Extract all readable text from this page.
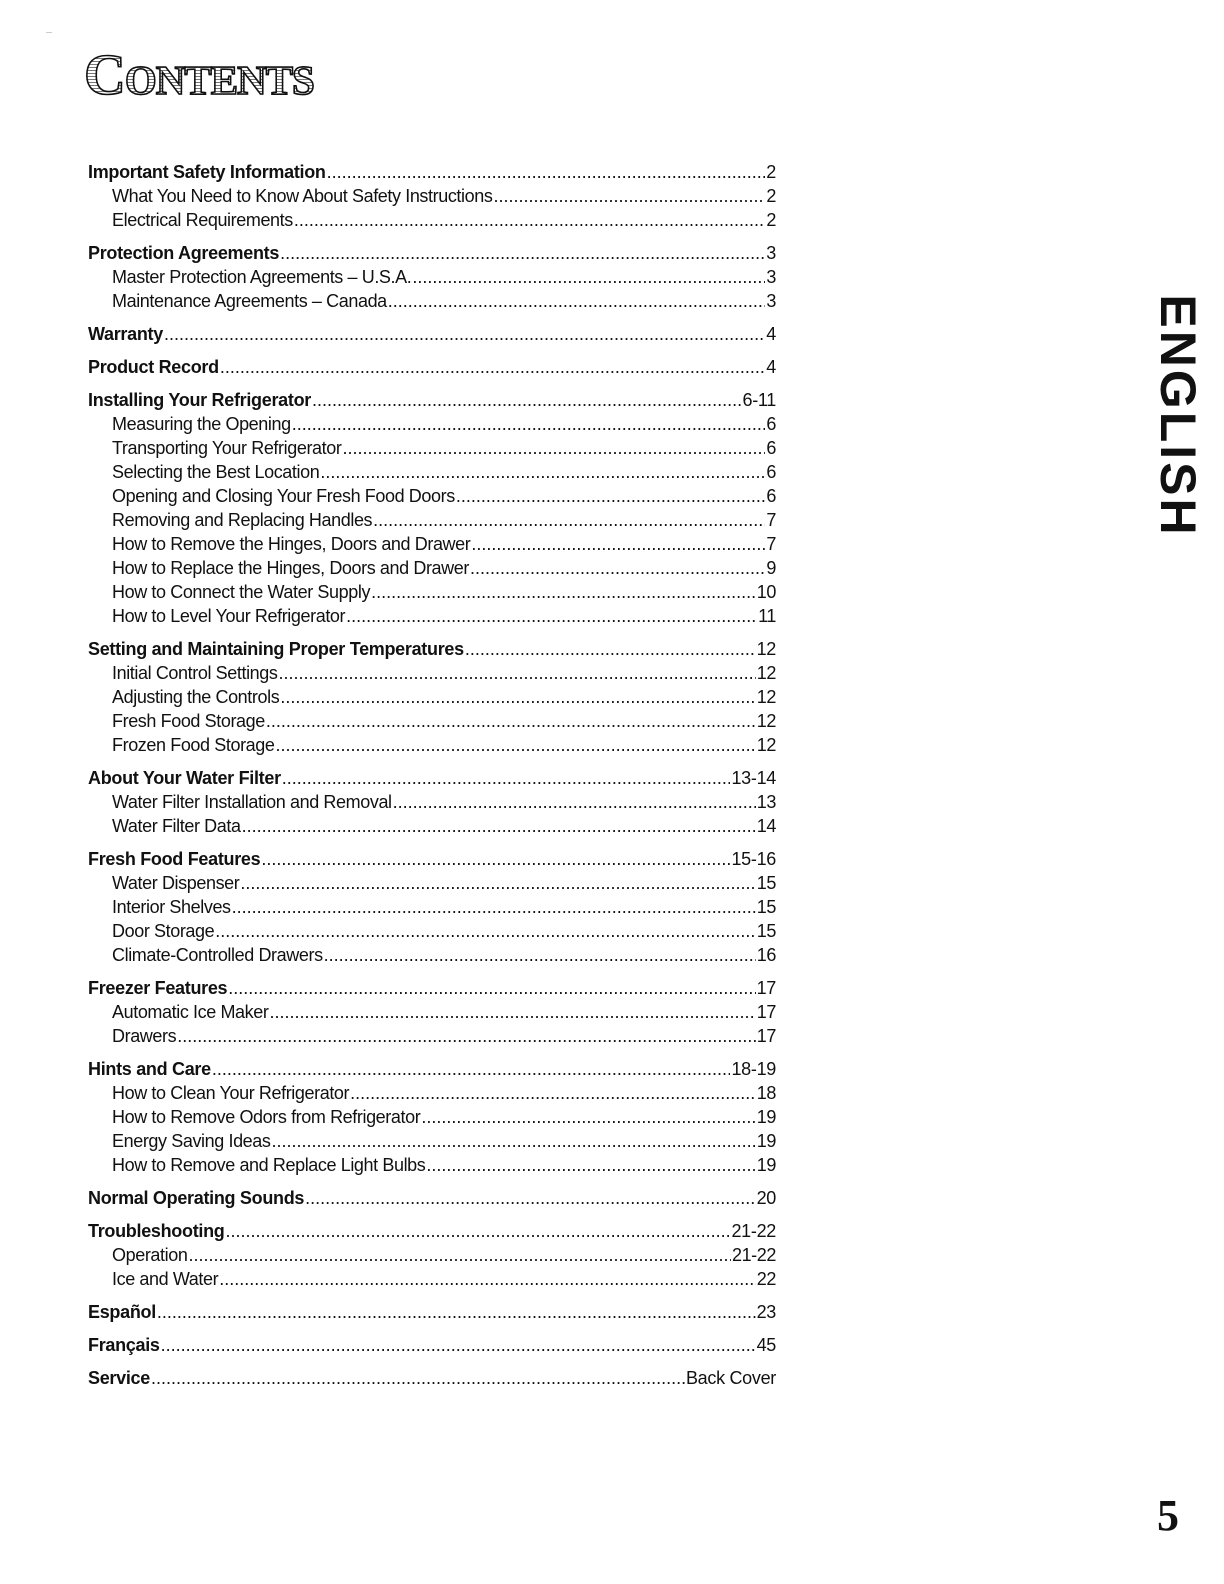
Contents
Important Safety Information .....	2
What You Need to Know About Safety Instructions .....	2
Electrical Requirements .....	2
Protection Agreements .....	3
Master Protection Agreements – U.S.A. .....	3
Maintenance Agreements – Canada .....	3
Warranty .....	4
Product Record .....	4
Installing Your Refrigerator .....	6-11
Measuring the Opening .....	6
Transporting Your Refrigerator .....	6
Selecting the Best Location .....	6
Opening and Closing Your Fresh Food Doors .....	6
Removing and Replacing Handles .....	7
How to Remove the Hinges, Doors and Drawer .....	7
How to Replace the Hinges, Doors and Drawer .....	9
How to Connect the Water Supply .....	10
How to Level Your Refrigerator .....	11
Setting and Maintaining Proper Temperatures .....	12
Initial Control Settings .....	12
Adjusting the Controls .....	12
Fresh Food Storage .....	12
Frozen Food Storage .....	12
About Your Water Filter .....	13-14
Water Filter Installation and Removal .....	13
Water Filter Data .....	14
Fresh Food Features .....	15-16
Water Dispenser .....	15
Interior Shelves .....	15
Door Storage .....	15
Climate-Controlled Drawers .....	16
Freezer Features .....	17
Automatic Ice Maker .....	17
Drawers .....	17
Hints and Care .....	18-19
How to Clean Your Refrigerator .....	18
How to Remove Odors from Refrigerator .....	19
Energy Saving Ideas .....	19
How to Remove and Replace Light Bulbs .....	19
Normal Operating Sounds .....	20
Troubleshooting .....	21-22
Operation .....	21-22
Ice and Water .....	22
Español .....	23
Français .....	45
Service .....	Back Cover
ENGLISH
5
